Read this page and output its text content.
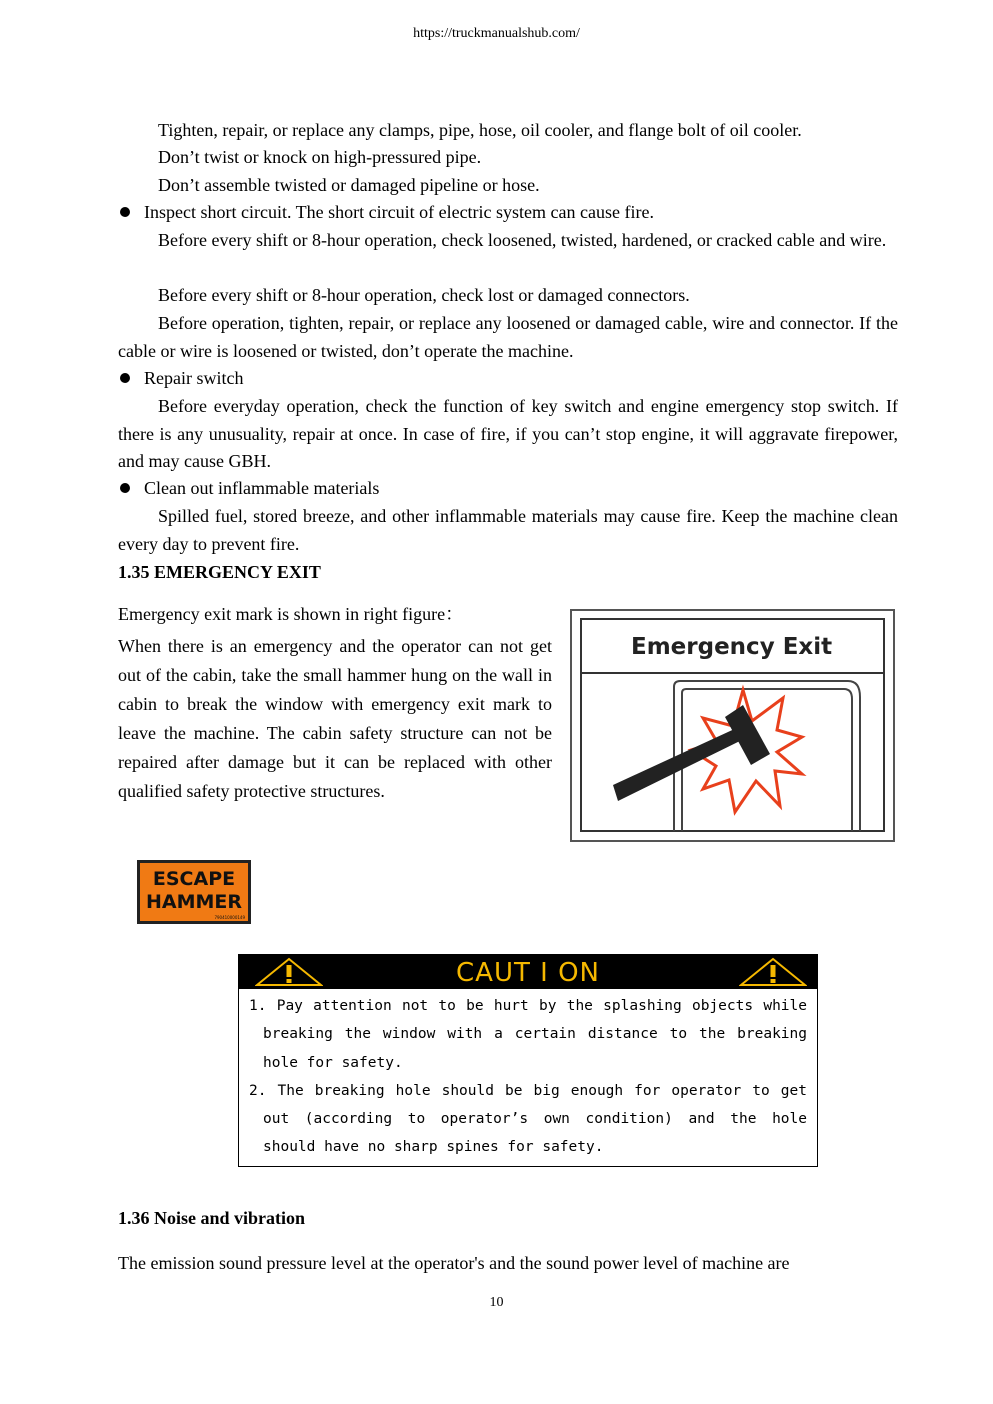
https://truckmanualshub.com/
Tighten, repair, or replace any clamps, pipe, hose, oil cooler, and flange bolt of oil cooler.
Don’t twist or knock on high-pressured pipe.
Don’t assemble twisted or damaged pipeline or hose.
Inspect short circuit. The short circuit of electric system can cause fire.
Before every shift or 8-hour operation, check loosened, twisted, hardened, or cracked cable and wire.
Before every shift or 8-hour operation, check lost or damaged connectors.
Before operation, tighten, repair, or replace any loosened or damaged cable, wire and connector. If the cable or wire is loosened or twisted, don’t operate the machine.
Repair switch
Before everyday operation, check the function of key switch and engine emergency stop switch. If there is any unusuality, repair at once. In case of fire, if you can’t stop engine, it will aggravate firepower, and may cause GBH.
Clean out inflammable materials
Spilled fuel, stored breeze, and other inflammable materials may cause fire. Keep the machine clean every day to prevent fire.
1.35 EMERGENCY EXIT
Emergency exit mark is shown in right figure：
When there is an emergency and the operator can not get out of the cabin, take the small hammer hung on the wall in cabin to break the window with emergency exit mark to leave the machine. The cabin safety structure can not be repaired after damage but it can be replaced with other qualified safety protective structures.
Emergency Exit
ESCAPE
HAMMER
790410000149
CAUT I ON
1. Pay attention not to be hurt by the splashing objects while breaking the window with a certain distance to the breaking hole for safety.
2. The breaking hole should be big enough for operator to get out (according to operator’s own condition) and the hole should have no sharp spines for safety.
1.36 Noise and vibration
The emission sound pressure level at the operator's and the sound power level of machine are
10
